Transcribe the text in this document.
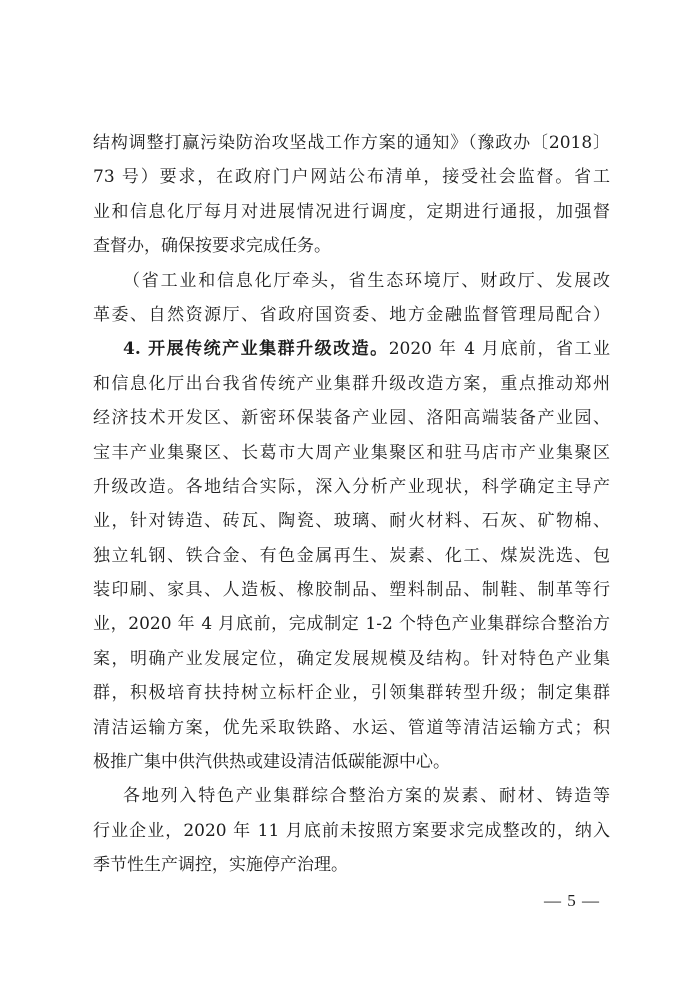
结构调整打赢污染防治攻坚战工作方案的通知》（豫政办〔2018〕
73 号）要求，在政府门户网站公布清单，接受社会监督。省工
业和信息化厅每月对进展情况进行调度，定期进行通报，加强督
查督办，确保按要求完成任务。
（省工业和信息化厅牵头，省生态环境厅、财政厅、发展改
革委、自然资源厅、省政府国资委、地方金融监督管理局配合）
4. 开展传统产业集群升级改造。2020 年 4 月底前，省工业
和信息化厅出台我省传统产业集群升级改造方案，重点推动郑州
经济技术开发区、新密环保装备产业园、洛阳高端装备产业园、
宝丰产业集聚区、长葛市大周产业集聚区和驻马店市产业集聚区
升级改造。各地结合实际，深入分析产业现状，科学确定主导产
业，针对铸造、砖瓦、陶瓷、玻璃、耐火材料、石灰、矿物棉、
独立轧钢、铁合金、有色金属再生、炭素、化工、煤炭洗选、包
装印刷、家具、人造板、橡胶制品、塑料制品、制鞋、制革等行
业，2020 年 4 月底前，完成制定 1-2 个特色产业集群综合整治方
案，明确产业发展定位，确定发展规模及结构。针对特色产业集
群，积极培育扶持树立标杆企业，引领集群转型升级；制定集群
清洁运输方案，优先采取铁路、水运、管道等清洁运输方式；积
极推广集中供汽供热或建设清洁低碳能源中心。
各地列入特色产业集群综合整治方案的炭素、耐材、铸造等
行业企业，2020 年 11 月底前未按照方案要求完成整改的，纳入
季节性生产调控，实施停产治理。
— 5 —
